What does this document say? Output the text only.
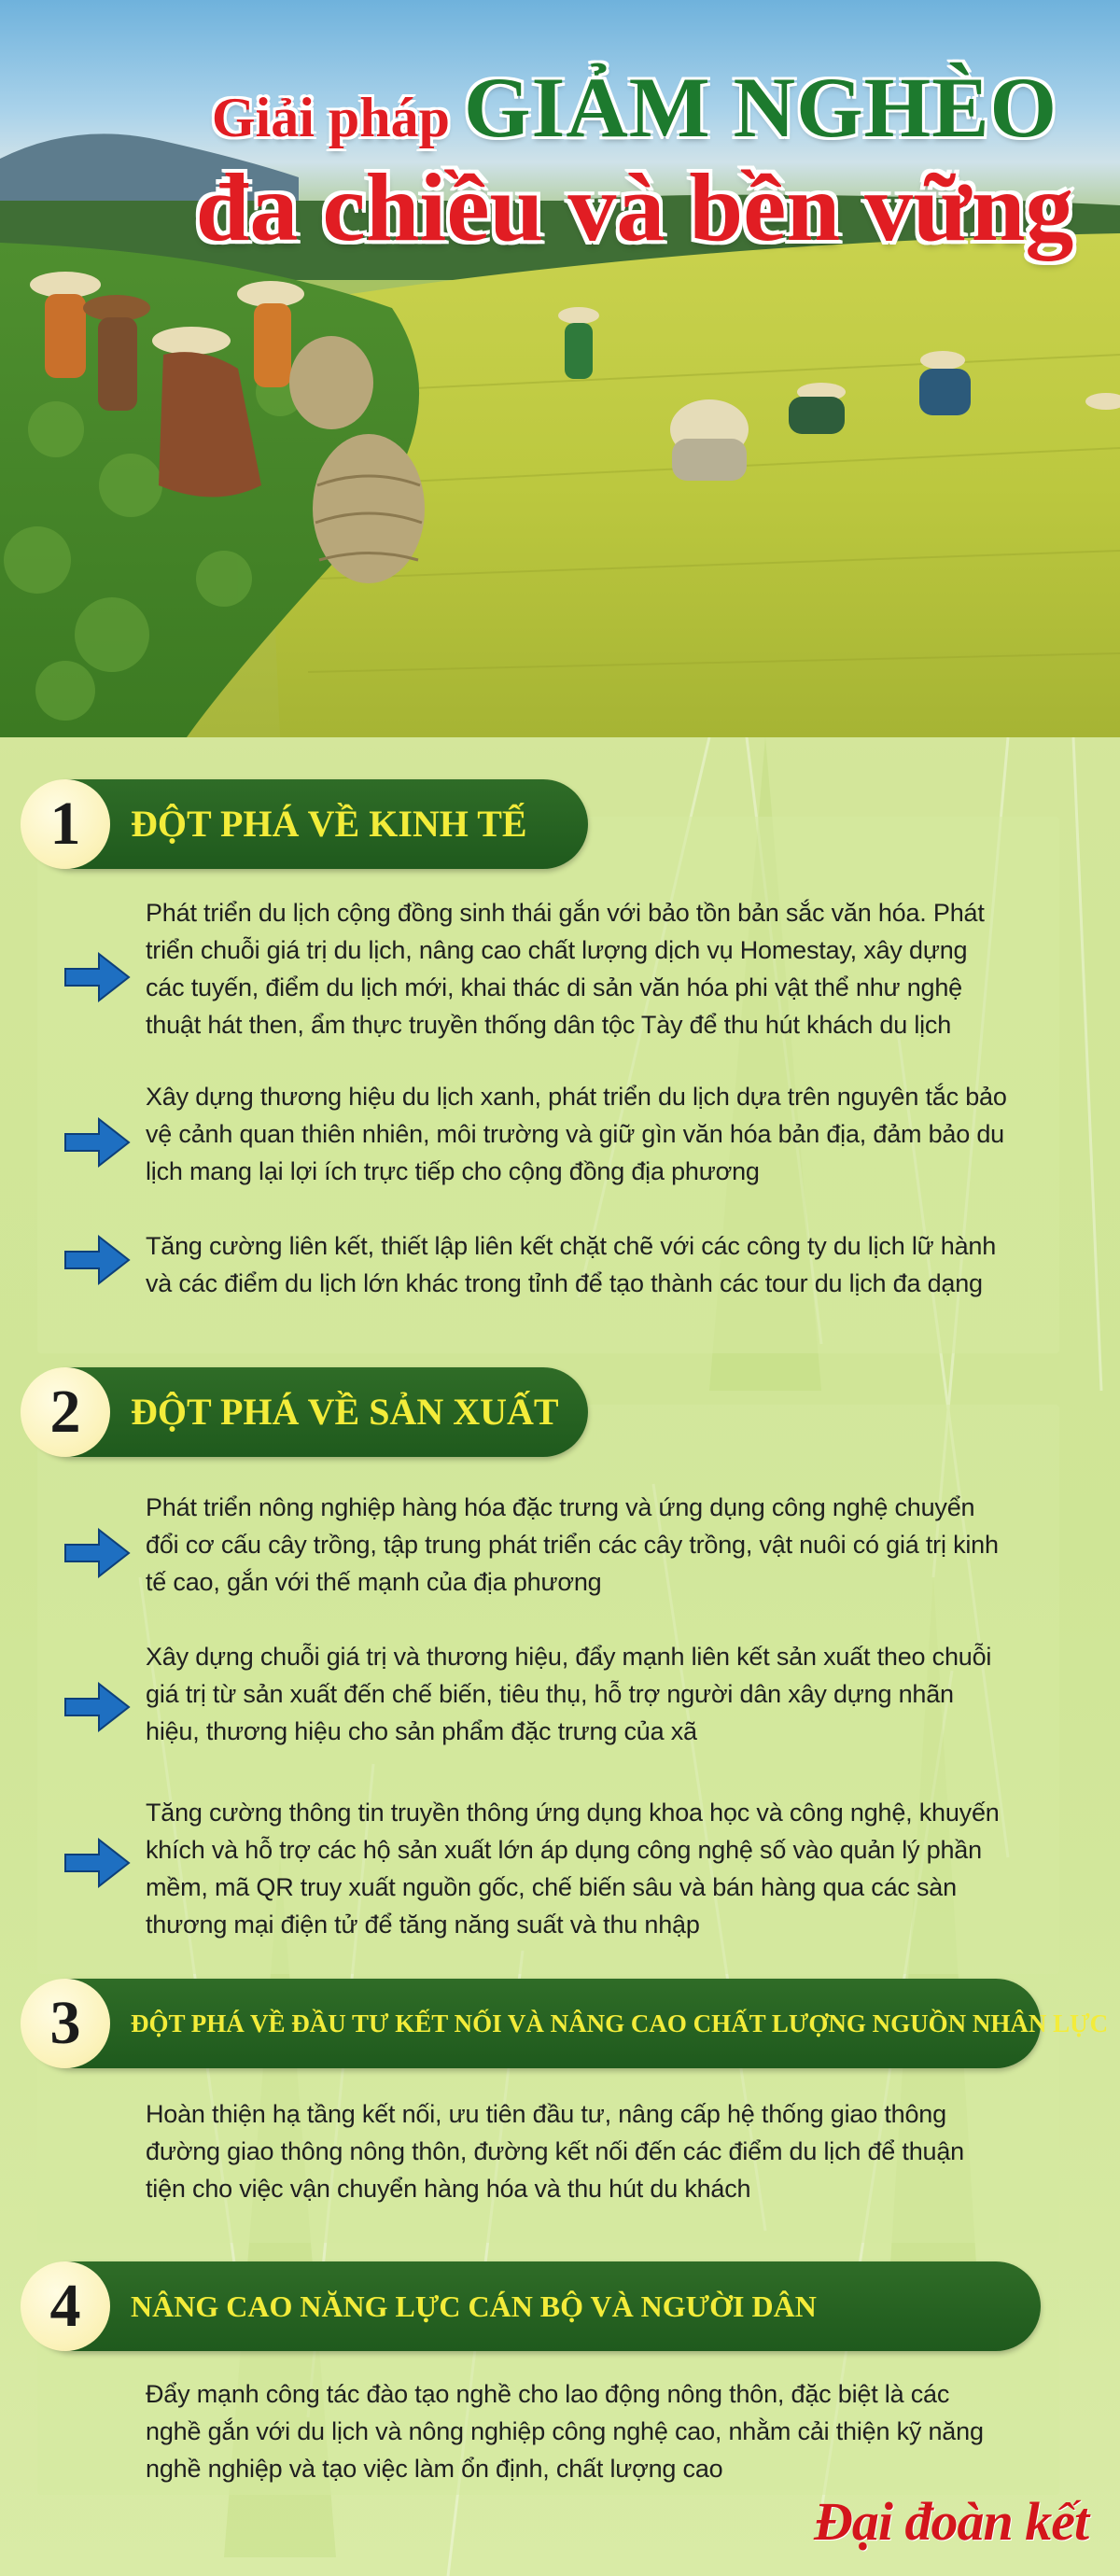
Giải pháp GIẢM NGHÈO
đa chiều và bền vững
1	ĐỘT PHÁ VỀ KINH TẾ
Phát triển du lịch cộng đồng sinh thái gắn với bảo tồn bản sắc văn hóa. Phát triển chuỗi giá trị du lịch, nâng cao chất lượng dịch vụ Homestay, xây dựng các tuyến, điểm du lịch mới, khai thác di sản văn hóa phi vật thể như nghệ thuật hát then, ẩm thực truyền thống dân tộc Tày để thu hút khách du lịch
Xây dựng thương hiệu du lịch xanh, phát triển du lịch dựa trên nguyên tắc bảo vệ cảnh quan thiên nhiên, môi trường và giữ gìn văn hóa bản địa, đảm bảo du lịch mang lại lợi ích trực tiếp cho cộng đồng địa phương
Tăng cường liên kết, thiết lập liên kết chặt chẽ với các công ty du lịch lữ hành và các điểm du lịch lớn khác trong tỉnh để tạo thành các tour du lịch đa dạng
2	ĐỘT PHÁ VỀ SẢN XUẤT
Phát triển nông nghiệp hàng hóa đặc trưng và ứng dụng công nghệ chuyển đổi cơ cấu cây trồng, tập trung phát triển các cây trồng, vật nuôi có giá trị kinh tế cao, gắn với thế mạnh của địa phương
Xây dựng chuỗi giá trị và thương hiệu, đẩy mạnh liên kết sản xuất theo chuỗi giá trị từ sản xuất đến chế biến, tiêu thụ, hỗ trợ người dân xây dựng nhãn hiệu, thương hiệu cho sản phẩm đặc trưng của xã
Tăng cường thông tin truyền thông ứng dụng khoa học và công nghệ, khuyến khích và hỗ trợ các hộ sản xuất lớn áp dụng công nghệ số vào quản lý phần mềm, mã QR truy xuất nguồn gốc, chế biến sâu và bán hàng qua các sàn thương mại điện tử để tăng năng suất và thu nhập
3	ĐỘT PHÁ VỀ ĐẦU TƯ KẾT NỐI VÀ NÂNG CAO CHẤT LƯỢNG NGUỒN NHÂN LỰC
Hoàn thiện hạ tầng kết nối, ưu tiên đầu tư, nâng cấp hệ thống giao thông đường giao thông nông thôn, đường kết nối đến các điểm du lịch để thuận tiện cho việc vận chuyển hàng hóa và thu hút du khách
4	NÂNG CAO NĂNG LỰC CÁN BỘ VÀ NGƯỜI DÂN
Đẩy mạnh công tác đào tạo nghề cho lao động nông thôn, đặc biệt là các nghề gắn với du lịch và nông nghiệp công nghệ cao, nhằm cải thiện kỹ năng nghề nghiệp và tạo việc làm ổn định, chất lượng cao
Đại đoàn kết
